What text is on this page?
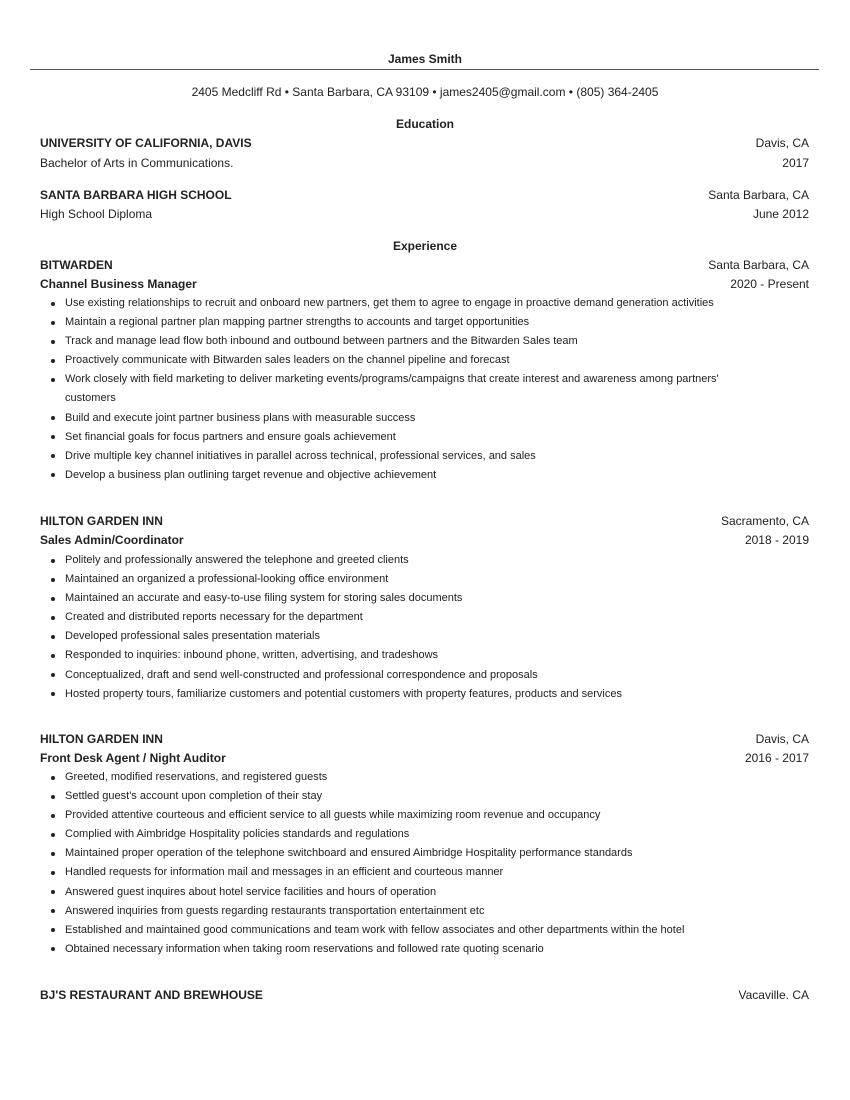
James Smith
2405 Medcliff Rd • Santa Barbara, CA 93109 • james2405@gmail.com • (805) 364-2405
Education
UNIVERSITY OF CALIFORNIA, DAVIS	Davis, CA
Bachelor of Arts in Communications.	2017
SANTA BARBARA HIGH SCHOOL	Santa Barbara, CA
High School Diploma	June 2012
Experience
BITWARDEN	Santa Barbara, CA
Channel Business Manager	2020 - Present
Use existing relationships to recruit and onboard new partners, get them to agree to engage in proactive demand generation activities
Maintain a regional partner plan mapping partner strengths to accounts and target opportunities
Track and manage lead flow both inbound and outbound between partners and the Bitwarden Sales team
Proactively communicate with Bitwarden sales leaders on the channel pipeline and forecast
Work closely with field marketing to deliver marketing events/programs/campaigns that create interest and awareness among partners' customers
Build and execute joint partner business plans with measurable success
Set financial goals for focus partners and ensure goals achievement
Drive multiple key channel initiatives in parallel across technical, professional services, and sales
Develop a business plan outlining target revenue and objective achievement
HILTON GARDEN INN	Sacramento, CA
Sales Admin/Coordinator	2018 - 2019
Politely and professionally answered the telephone and greeted clients
Maintained an organized a professional-looking office environment
Maintained an accurate and easy-to-use filing system for storing sales documents
Created and distributed reports necessary for the department
Developed professional sales presentation materials
Responded to inquiries: inbound phone, written, advertising, and tradeshows
Conceptualized, draft and send well-constructed and professional correspondence and proposals
Hosted property tours, familiarize customers and potential customers with property features, products and services
HILTON GARDEN INN	Davis, CA
Front Desk Agent / Night Auditor	2016 - 2017
Greeted, modified reservations, and registered guests
Settled guest's account upon completion of their stay
Provided attentive courteous and efficient service to all guests while maximizing room revenue and occupancy
Complied with Aimbridge Hospitality policies standards and regulations
Maintained proper operation of the telephone switchboard and ensured Aimbridge Hospitality performance standards
Handled requests for information mail and messages in an efficient and courteous manner
Answered guest inquires about hotel service facilities and hours of operation
Answered inquiries from guests regarding restaurants transportation entertainment etc
Established and maintained good communications and team work with fellow associates and other departments within the hotel
Obtained necessary information when taking room reservations and followed rate quoting scenario
BJ'S RESTAURANT AND BREWHOUSE	Vacaville. CA
